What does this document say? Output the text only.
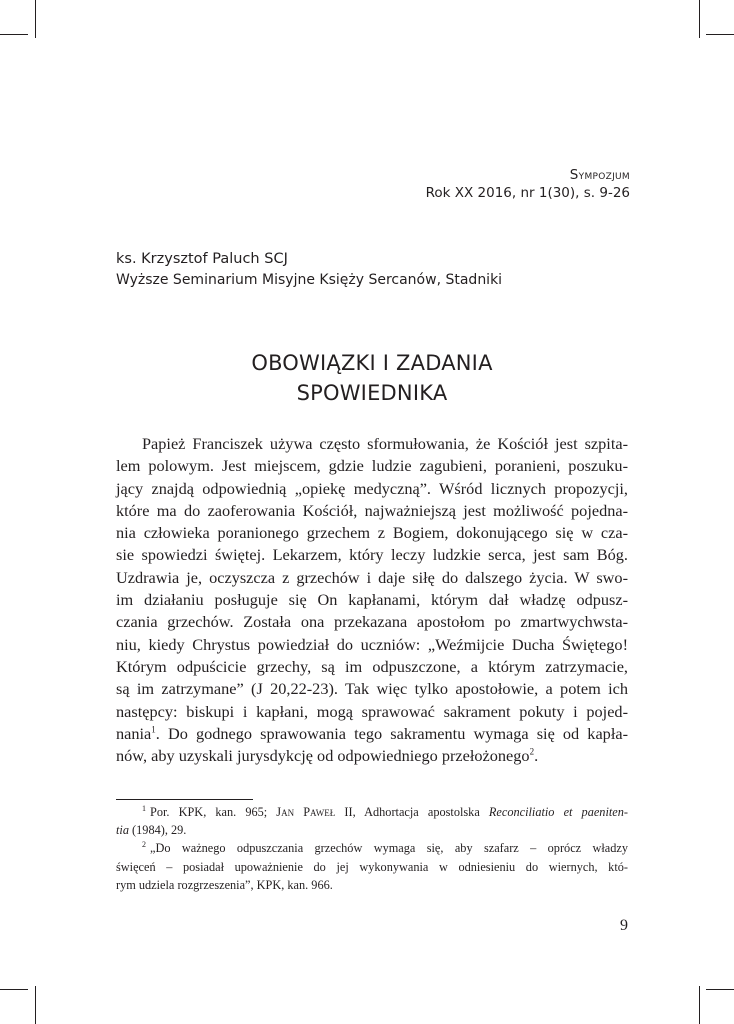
Sympozjum
Rok XX 2016, nr 1(30), s. 9-26
ks. Krzysztof Paluch SCJ
Wyższe Seminarium Misyjne Księży Sercanów, Stadniki
OBOWIĄZKI I ZADANIA
SPOWIEDNIKA
Papież Franciszek używa często sformułowania, że Kościół jest szpita-
lem polowym. Jest miejscem, gdzie ludzie zagubieni, poranieni, poszuku-
jący znajdą odpowiednią „opiekę medyczną”. Wśród licznych propozycji,
które ma do zaoferowania Kościół, najważniejszą jest możliwość pojedna-
nia człowieka poranionego grzechem z Bogiem, dokonującego się w cza-
sie spowiedzi świętej. Lekarzem, który leczy ludzkie serca, jest sam Bóg.
Uzdrawia je, oczyszcza z grzechów i daje siłę do dalszego życia. W swo-
im działaniu posługuje się On kapłanami, którym dał władzę odpusz-
czania grzechów. Została ona przekazana apostołom po zmartwychwsta-
niu, kiedy Chrystus powiedział do uczniów: „Weźmijcie Ducha Świętego!
Którym odpuścicie grzechy, są im odpuszczone, a którym zatrzymacie,
są im zatrzymane” (J 20,22-23). Tak więc tylko apostołowie, a potem ich
następcy: biskupi i kapłani, mogą sprawować sakrament pokuty i pojed-
nania$^1$. Do godnego sprawowania tego sakramentu wymaga się od kapła-
nów, aby uzyskali jurysdykcję od odpowiedniego przełożonego$^2$.
$^1$ Por. KPK, kan. 965; Jan Paweł II, Adhortacja apostolska Reconciliatio et paeniten-
tia (1984), 29.
$^2$ „Do ważnego odpuszczania grzechów wymaga się, aby szafarz – oprócz władzy
święceń – posiadał upoważnienie do jej wykonywania w odniesieniu do wiernych, któ-
rym udziela rozgrzeszenia”, KPK, kan. 966.
9
